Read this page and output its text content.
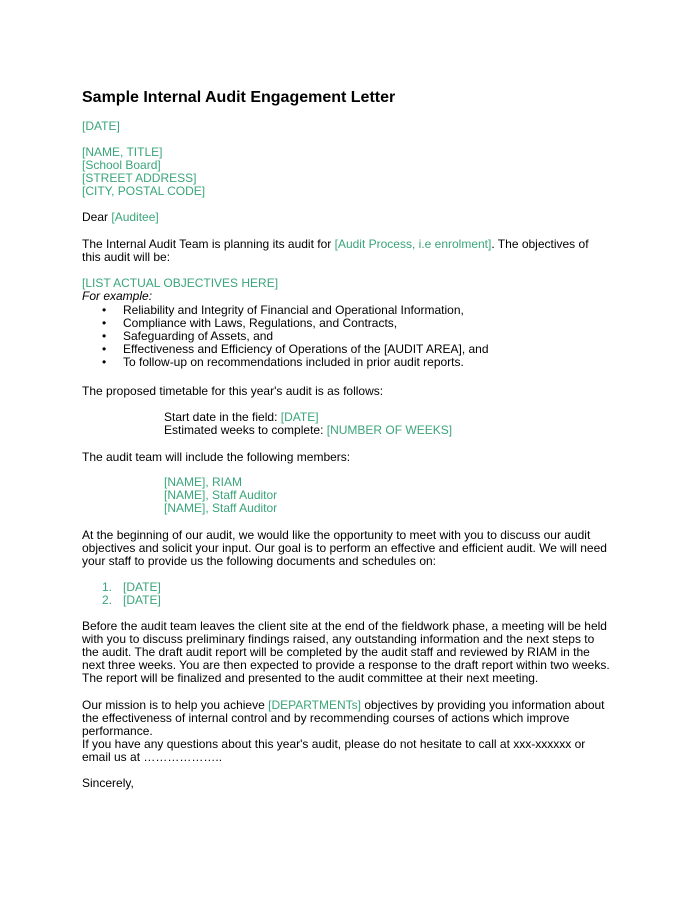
Sample Internal Audit Engagement Letter
[DATE]
[NAME, TITLE]
[School Board]
[STREET ADDRESS]
[CITY, POSTAL CODE]
Dear [Auditee]
The Internal Audit Team is planning its audit for [Audit Process, i.e enrolment]. The objectives of this audit will be:
[LIST ACTUAL OBJECTIVES HERE]
For example:
• Reliability and Integrity of Financial and Operational Information,
• Compliance with Laws, Regulations, and Contracts,
• Safeguarding of Assets, and
• Effectiveness and Efficiency of Operations of the [AUDIT AREA], and
• To follow-up on recommendations included in prior audit reports.
The proposed timetable for this year's audit is as follows:
Start date in the field: [DATE]
Estimated weeks to complete: [NUMBER OF WEEKS]
The audit team will include the following members:
[NAME], RIAM
[NAME], Staff Auditor
[NAME], Staff Auditor
At the beginning of our audit, we would like the opportunity to meet with you to discuss our audit objectives and solicit your input. Our goal is to perform an effective and efficient audit. We will need your staff to provide us the following documents and schedules on:
1. [DATE]
2. [DATE]
Before the audit team leaves the client site at the end of the fieldwork phase, a meeting will be held with you to discuss preliminary findings raised, any outstanding information and the next steps to the audit. The draft audit report will be completed by the audit staff and reviewed by RIAM in the next three weeks. You are then expected to provide a response to the draft report within two weeks. The report will be finalized and presented to the audit committee at their next meeting.
Our mission is to help you achieve [DEPARTMENTs] objectives by providing you information about the effectiveness of internal control and by recommending courses of actions which improve performance.
If you have any questions about this year's audit, please do not hesitate to call at xxx-xxxxxx or email us at ………………..
Sincerely,
